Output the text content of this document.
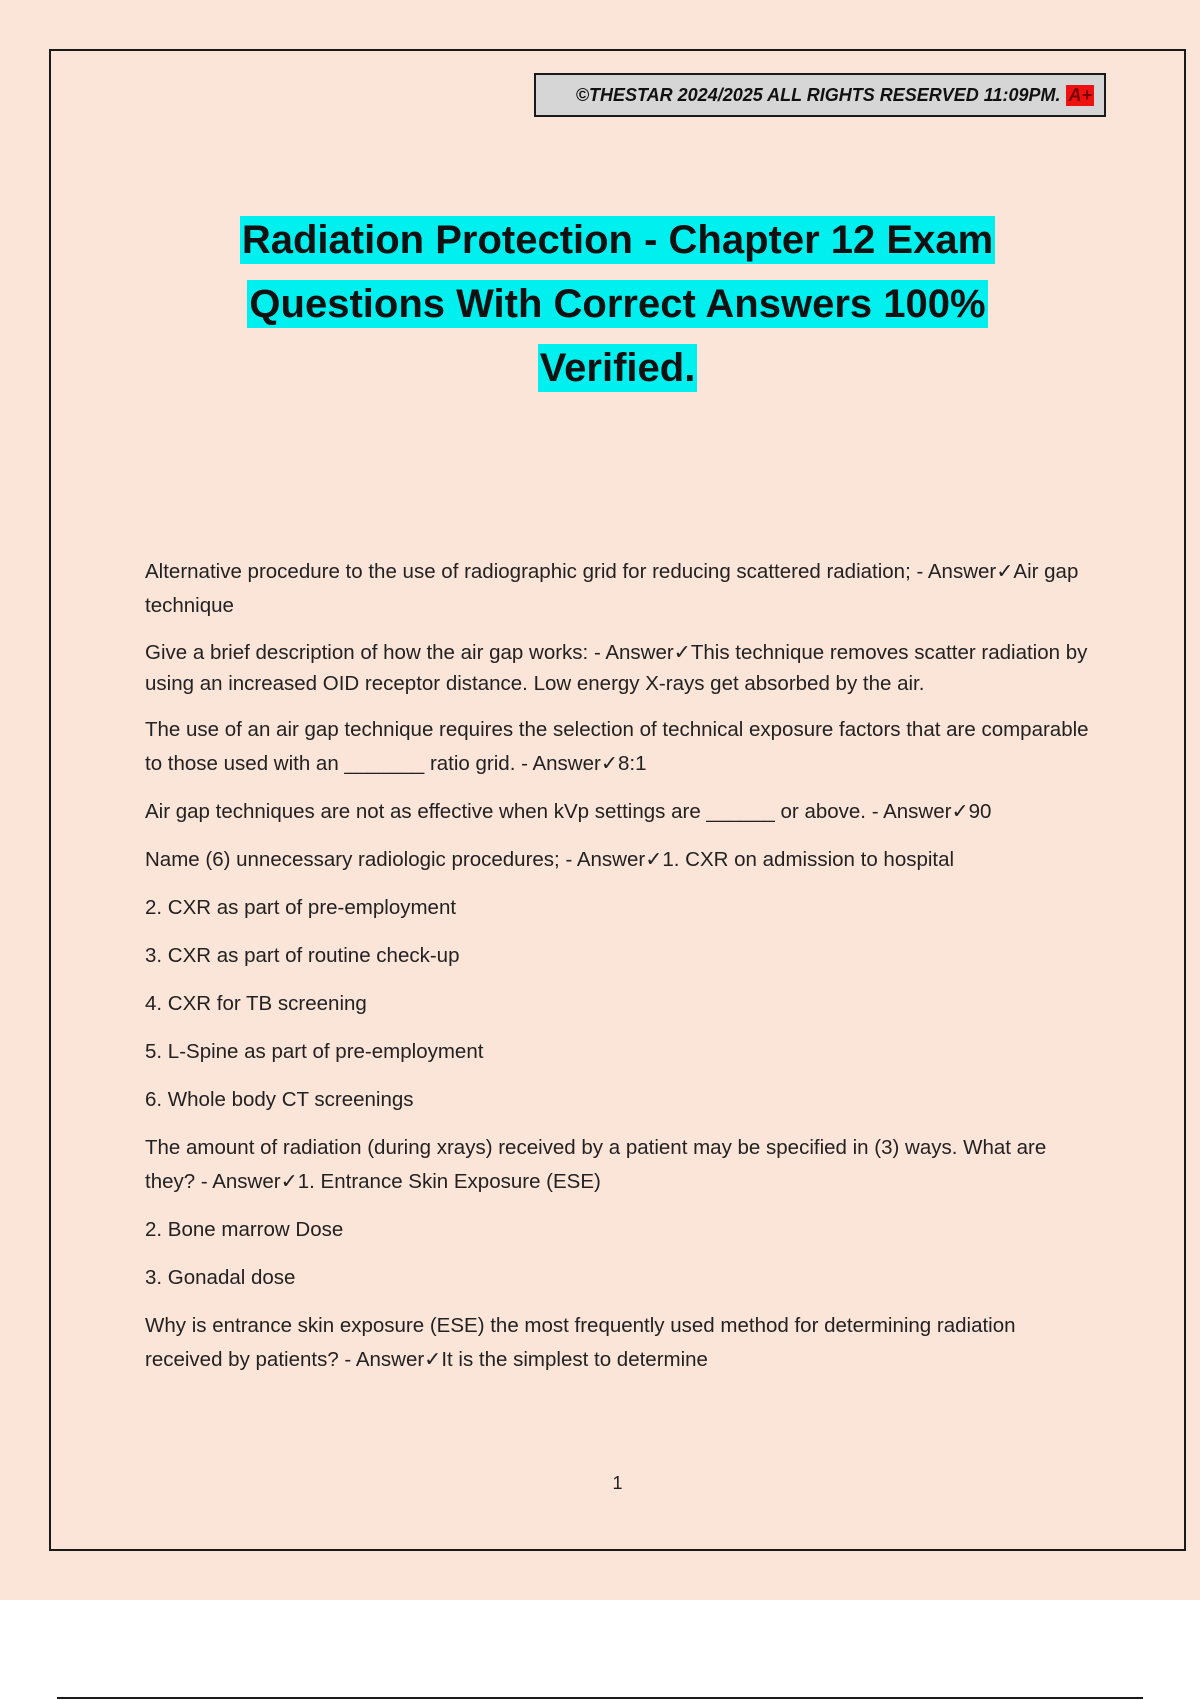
©THESTAR 2024/2025 ALL RIGHTS RESERVED 11:09PM. A+
Radiation Protection - Chapter 12 Exam
Questions With Correct Answers 100%
Verified.

Alternative procedure to the use of radiographic grid for reducing scattered radiation; - Answer✓Air gap technique

Give a brief description of how the air gap works: - Answer✓This technique removes scatter radiation by using an increased OID receptor distance. Low energy X-rays get absorbed by the air.

The use of an air gap technique requires the selection of technical exposure factors that are comparable to those used with an _______ ratio grid. - Answer✓8:1

Air gap techniques are not as effective when kVp settings are ______ or above. - Answer✓90

Name (6) unnecessary radiologic procedures; - Answer✓1. CXR on admission to hospital

2. CXR as part of pre-employment

3. CXR as part of routine check-up

4. CXR for TB screening

5. L-Spine as part of pre-employment

6. Whole body CT screenings

The amount of radiation (during xrays) received by a patient may be specified in (3) ways. What are they? - Answer✓1. Entrance Skin Exposure (ESE)

2. Bone marrow Dose

3. Gonadal dose

Why is entrance skin exposure (ESE) the most frequently used method for determining radiation received by patients? - Answer✓It is the simplest to determine

1
